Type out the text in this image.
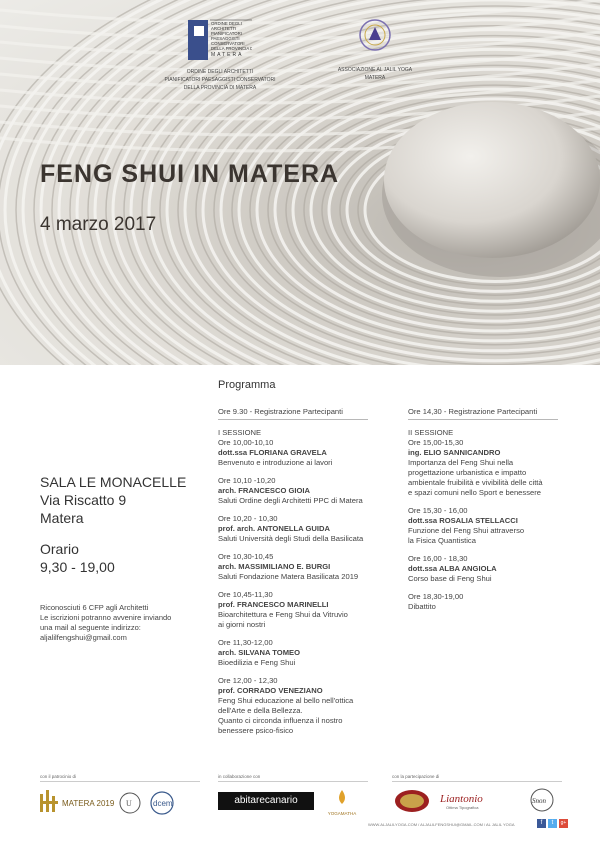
ORDINE DEGLI
ARCHITETTI
PIANIFICATORI
PAESAGGISTI
CONSERVATORI
DELLA PROVINCIA DI
MATERA
ORDINE DEGLI ARCHITETTI
PIANIFICATORI PAESAGGISTI CONSERVATORI
DELLA PROVINCIA DI MATERA
ASSOCIAZIONE AL JALIL YOGA
MATERA
FENG SHUI IN MATERA
4 marzo 2017
SALA LE MONACELLE
Via Riscatto 9
Matera
Orario
9,30 - 19,00
Riconosciuti 6 CFP agli Architetti
Le iscrizioni potranno avvenire inviando
una mail al seguente indirizzo:
aljalilfengshui@gmail.com
Programma
Ore 9.30 - Registrazione Partecipanti
I SESSIONE
Ore 10,00-10,10
dott.ssa FLORIANA GRAVELA
Benvenuto e introduzione ai lavori
Ore 10,10 -10,20
arch. FRANCESCO GIOIA
Saluti Ordine degli Architetti PPC di Matera
Ore 10,20 - 10,30
prof. arch. ANTONELLA GUIDA
Saluti Università degli Studi della Basilicata
Ore 10,30-10,45
arch. MASSIMILIANO E. BURGI
Saluti Fondazione Matera Basilicata 2019
Ore 10,45-11,30
prof. FRANCESCO MARINELLI
Bioarchitettura e Feng Shui da Vitruvio
ai giorni nostri
Ore 11,30-12,00
arch. SILVANA TOMEO
Bioedilizia e Feng Shui
Ore 12,00 - 12,30
prof. CORRADO VENEZIANO
Feng Shui educazione al bello nell'ottica
dell'Arte e della Bellezza.
Quanto ci circonda influenza il nostro
benessere psico-fisico
Ore 14,30 - Registrazione Partecipanti
II SESSIONE
Ore 15,00-15,30
ing. ELIO SANNICANDRO
Importanza del Feng Shui nella
progettazione urbanistica e impatto
ambientale fruibilità e vivibilità delle città
e spazi comuni nello Sport e benessere
Ore 15,30 - 16,00
dott.ssa ROSALIA STELLACCI
Funzione del Feng Shui attraverso
la Fisica Quantistica
Ore 16,00 - 18,30
dott.ssa ALBA ANGIOLA
Corso base di Feng Shui
Ore 18,30-19,00
Dibattito
con il patrocinio di	in collaborazione con	con la partecipazione di
MATERA 2019 U	dcem	abitarecanario
YOGAMATHA
Liantonio
Ottima Tipografica
Snon
WWW.ALJALILYOGA.COM / ALJALILFENGSHUI@GMAIL.COM / AL JALIL YOGA	f	t	g+
